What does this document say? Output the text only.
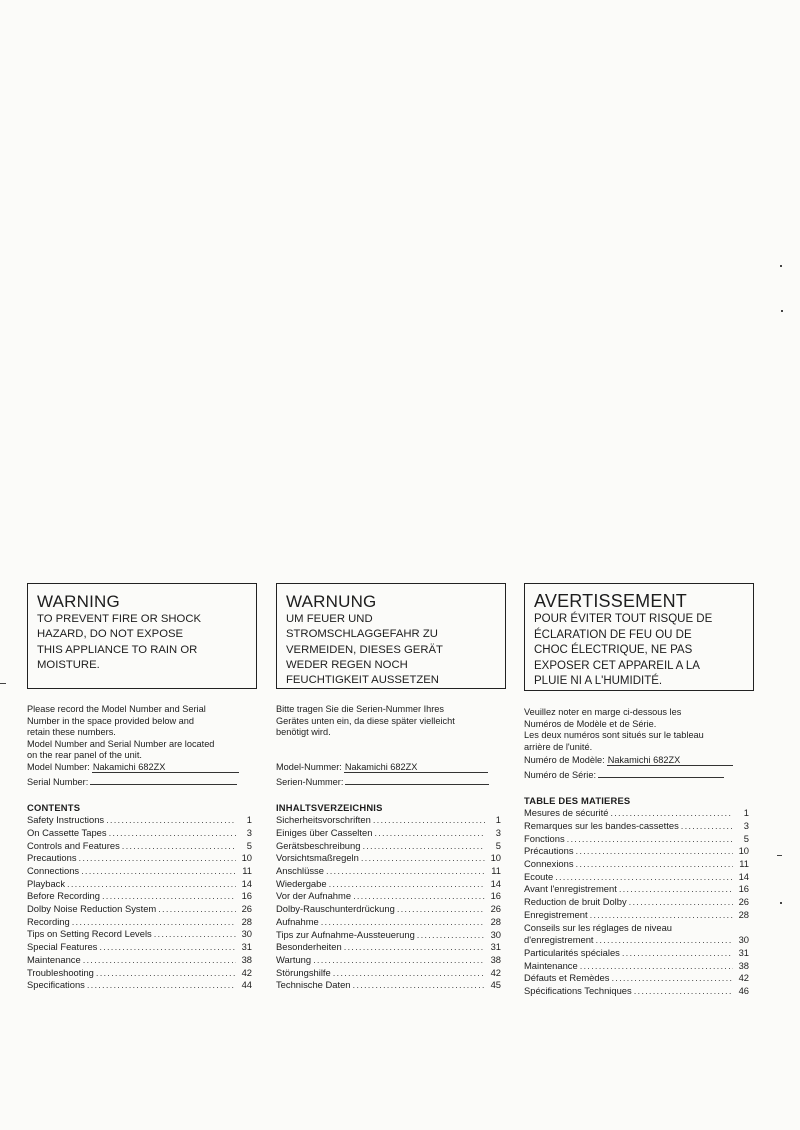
WARNING
TO PREVENT FIRE OR SHOCK
HAZARD, DO NOT EXPOSE
THIS APPLIANCE TO RAIN OR
MOISTURE.
Please record the Model Number and Serial
Number in the space provided below and
retain these numbers.
Model Number and Serial Number are located
on the rear panel of the unit.
Model Number: Nakamichi 682ZX
Serial Number:
CONTENTS
Safety Instructions .....	1
On Cassette Tapes .....	3
Controls and Features .....	5
Precautions .....	10
Connections .....	11
Playback .....	14
Before Recording .....	16
Dolby Noise Reduction System .....	26
Recording .....	28
Tips on Setting Record Levels .....	30
Special Features .....	31
Maintenance .....	38
Troubleshooting .....	42
Specifications .....	44
WARNUNG
UM FEUER UND
STROMSCHLAGGEFAHR ZU
VERMEIDEN, DIESES GERÄT
WEDER REGEN NOCH
FEUCHTIGKEIT AUSSETZEN
Bitte tragen Sie die Serien-Nummer Ihres
Gerätes unten ein, da diese später vielleicht
benötigt wird.
Model-Nummer: Nakamichi 682ZX
Serien-Nummer:
INHALTSVERZEICHNIS
Sicherheitsvorschriften .....	1
Einiges über Casselten .....	3
Gerätsbeschreibung .....	5
Vorsichtsmaßregeln .....	10
Anschlüsse .....	11
Wiedergabe .....	14
Vor der Aufnahme .....	16
Dolby-Rauschunterdrückung .....	26
Aufnahme .....	28
Tips zur Aufnahme-Aussteuerung .....	30
Besonderheiten .....	31
Wartung .....	38
Störungshilfe .....	42
Technische Daten .....	45
AVERTISSEMENT
POUR ÉVITER TOUT RISQUE DE
ÉCLARATION DE FEU OU DE
CHOC ÉLECTRIQUE, NE PAS
EXPOSER CET APPAREIL A LA
PLUIE NI A L'HUMIDITÉ.
Veuillez noter en marge ci-dessous les
Numéros de Modèle et de Série.
Les deux numéros sont situés sur le tableau
arrière de l'unité.
Numéro de Modèle: Nakamichi 682ZX
Numéro de Série:
TABLE DES MATIERES
Mesures de sécurité .....	1
Remarques sur les bandes-cassettes .....	3
Fonctions .....	5
Précautions .....	10
Connexions .....	11
Ecoute .....	14
Avant l'enregistrement .....	16
Reduction de bruit Dolby .....	26
Enregistrement .....	28
Conseils sur les réglages de niveau
d'enregistrement .....	30
Particularités spéciales .....	31
Maintenance .....	38
Défauts et Remèdes .....	42
Spécifications Techniques .....	46
